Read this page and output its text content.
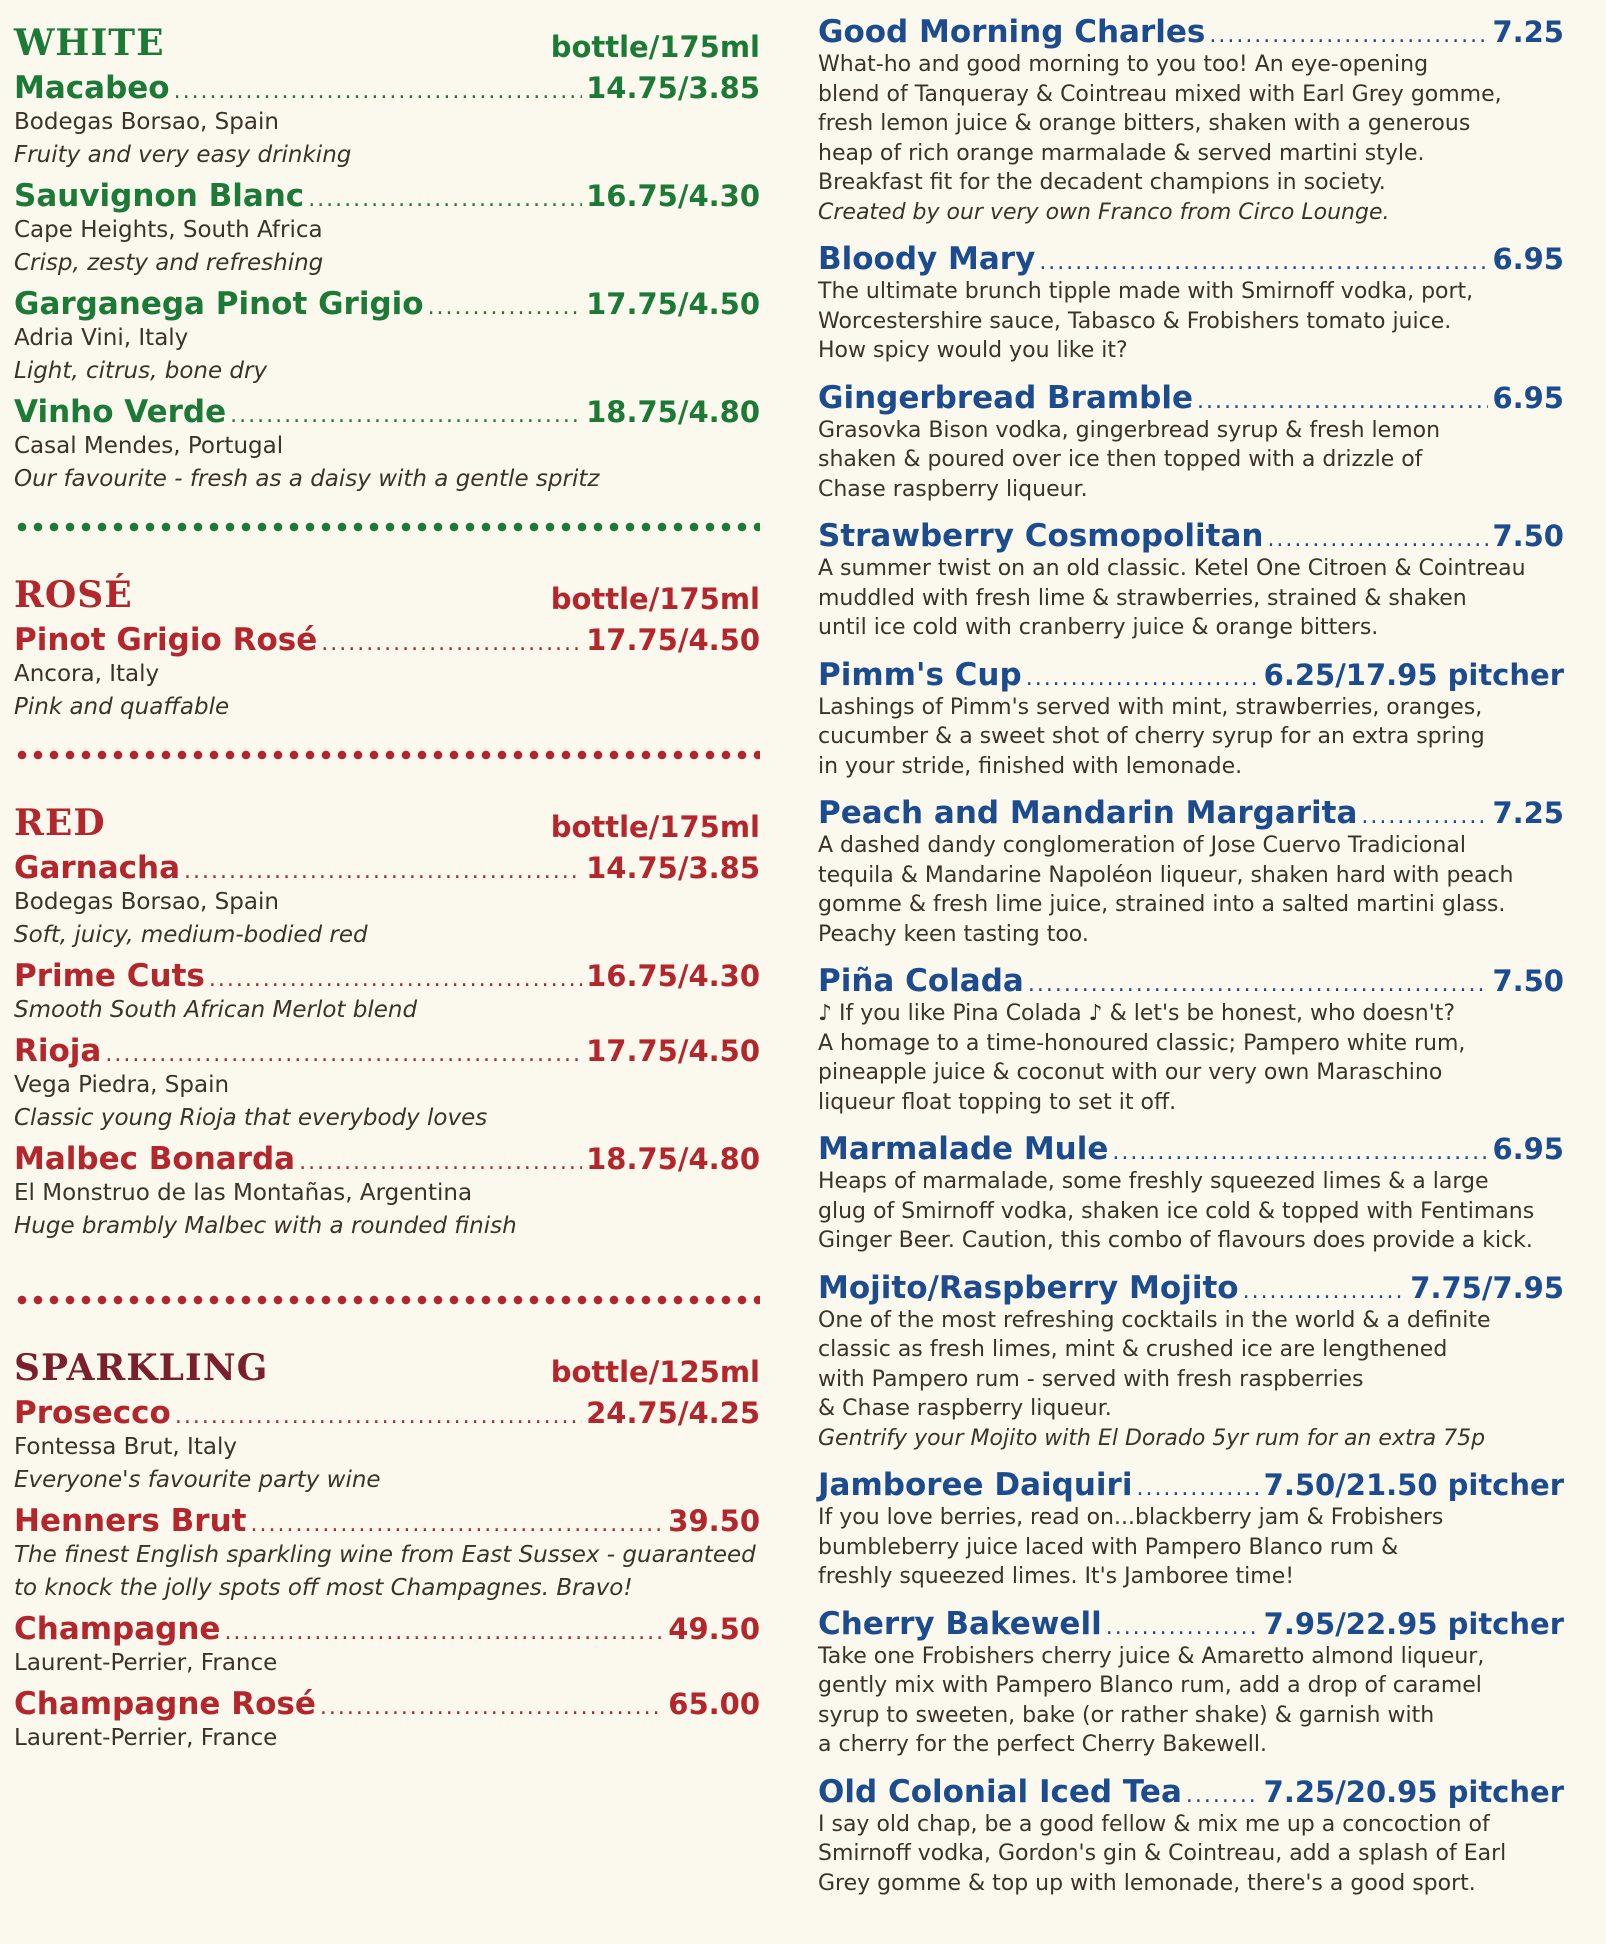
WHITE	bottle/175ml
Macabeo .....	14.75/3.85
Bodegas Borsao, Spain
Fruity and very easy drinking
Sauvignon Blanc .....	16.75/4.30
Cape Heights, South Africa
Crisp, zesty and refreshing
Garganega Pinot Grigio .....	17.75/4.50
Adria Vini, Italy
Light, citrus, bone dry
Vinho Verde .....	18.75/4.80
Casal Mendes, Portugal
Our favourite - fresh as a daisy with a gentle spritz
ROSÉ	bottle/175ml
Pinot Grigio Rosé .....	17.75/4.50
Ancora, Italy
Pink and quaffable
RED	bottle/175ml
Garnacha .....	14.75/3.85
Bodegas Borsao, Spain
Soft, juicy, medium-bodied red
Prime Cuts .....	16.75/4.30
Smooth South African Merlot blend
Rioja .....	17.75/4.50
Vega Piedra, Spain
Classic young Rioja that everybody loves
Malbec Bonarda .....	18.75/4.80
El Monstruo de las Montañas, Argentina
Huge brambly Malbec with a rounded finish
SPARKLING	bottle/125ml
Prosecco .....	24.75/4.25
Fontessa Brut, Italy
Everyone's favourite party wine
Henners Brut .....	39.50
The finest English sparkling wine from East Sussex - guaranteed to knock the jolly spots off most Champagnes. Bravo!
Champagne .....	49.50
Laurent-Perrier, France
Champagne Rosé .....	65.00
Laurent-Perrier, France
Good Morning Charles .....	7.25
What-ho and good morning to you too! An eye-opening
blend of Tanqueray & Cointreau mixed with Earl Grey gomme,
fresh lemon juice & orange bitters, shaken with a generous
heap of rich orange marmalade & served martini style.
Breakfast fit for the decadent champions in society.
Created by our very own Franco from Circo Lounge.
Bloody Mary .....	6.95
The ultimate brunch tipple made with Smirnoff vodka, port,
Worcestershire sauce, Tabasco & Frobishers tomato juice.
How spicy would you like it?
Gingerbread Bramble .....	6.95
Grasovka Bison vodka, gingerbread syrup & fresh lemon
shaken & poured over ice then topped with a drizzle of
Chase raspberry liqueur.
Strawberry Cosmopolitan .....	7.50
A summer twist on an old classic. Ketel One Citroen & Cointreau
muddled with fresh lime & strawberries, strained & shaken
until ice cold with cranberry juice & orange bitters.
Pimm's Cup .....	6.25/17.95 pitcher
Lashings of Pimm's served with mint, strawberries, oranges,
cucumber & a sweet shot of cherry syrup for an extra spring
in your stride, finished with lemonade.
Peach and Mandarin Margarita .....	7.25
A dashed dandy conglomeration of Jose Cuervo Tradicional
tequila & Mandarine Napoléon liqueur, shaken hard with peach
gomme & fresh lime juice, strained into a salted martini glass.
Peachy keen tasting too.
Piña Colada .....	7.50
♪ If you like Pina Colada ♪ & let's be honest, who doesn't?
A homage to a time-honoured classic; Pampero white rum,
pineapple juice & coconut with our very own Maraschino
liqueur float topping to set it off.
Marmalade Mule .....	6.95
Heaps of marmalade, some freshly squeezed limes & a large
glug of Smirnoff vodka, shaken ice cold & topped with Fentimans
Ginger Beer. Caution, this combo of flavours does provide a kick.
Mojito/Raspberry Mojito .....	7.75/7.95
One of the most refreshing cocktails in the world & a definite
classic as fresh limes, mint & crushed ice are lengthened
with Pampero rum - served with fresh raspberries
& Chase raspberry liqueur.
Gentrify your Mojito with El Dorado 5yr rum for an extra 75p
Jamboree Daiquiri .....	7.50/21.50 pitcher
If you love berries, read on...blackberry jam & Frobishers
bumbleberry juice laced with Pampero Blanco rum &
freshly squeezed limes. It's Jamboree time!
Cherry Bakewell .....	7.95/22.95 pitcher
Take one Frobishers cherry juice & Amaretto almond liqueur,
gently mix with Pampero Blanco rum, add a drop of caramel
syrup to sweeten, bake (or rather shake) & garnish with
a cherry for the perfect Cherry Bakewell.
Old Colonial Iced Tea .....	7.25/20.95 pitcher
I say old chap, be a good fellow & mix me up a concoction of
Smirnoff vodka, Gordon's gin & Cointreau, add a splash of Earl
Grey gomme & top up with lemonade, there's a good sport.
